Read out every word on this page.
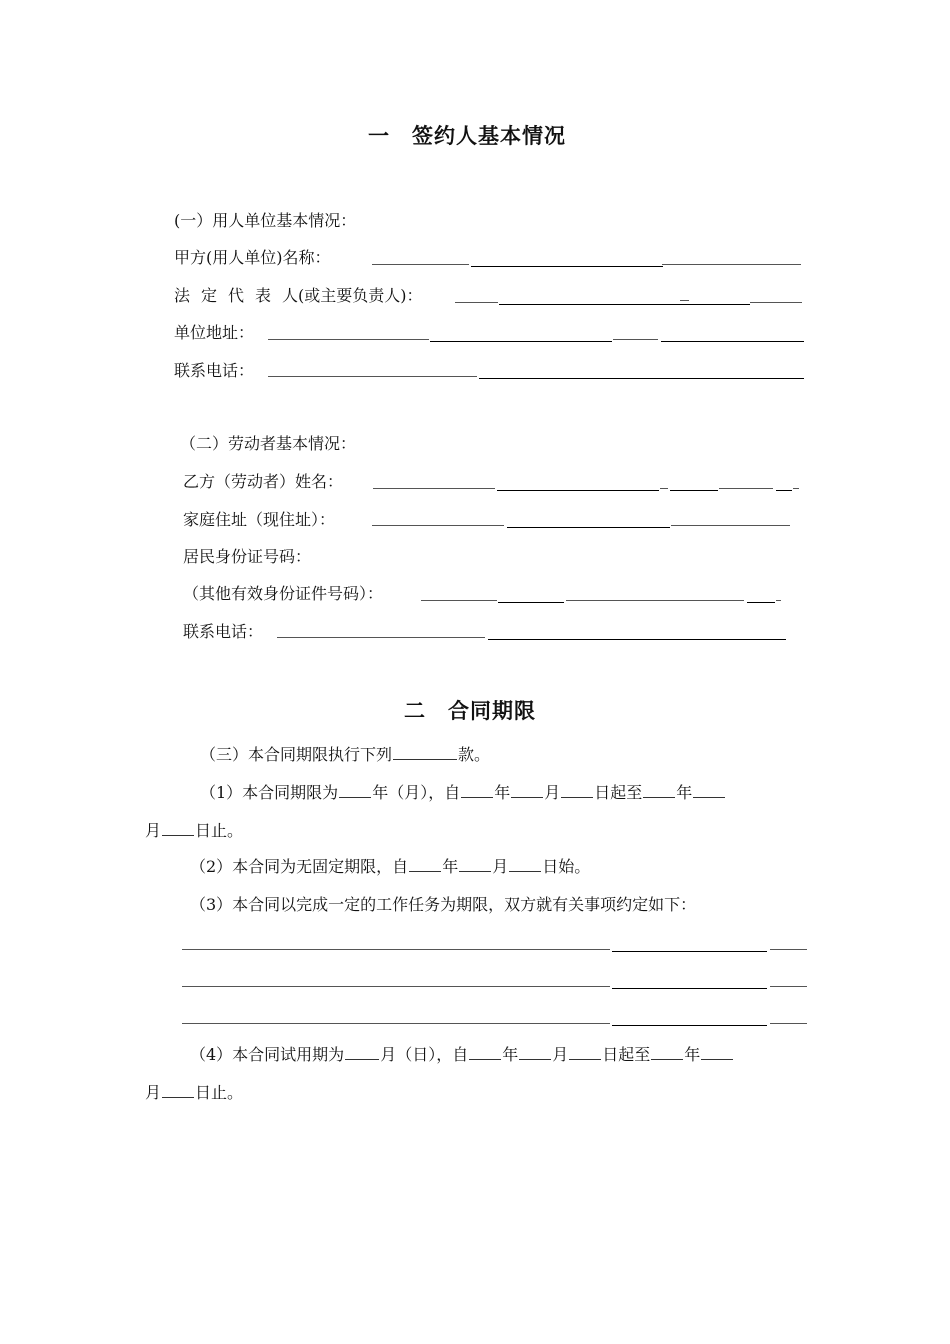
一　签约人基本情况
(一）用人单位基本情况：
甲方(用人单位)名称：
法定代表人(或主要负责人)：
单位地址：
联系电话：
（二）劳动者基本情况：
乙方（劳动者）姓名：
家庭住址（现住址）：
居民身份证号码：
（其他有效身份证件号码）：
联系电话：
二　合同期限
（三）本合同期限执行下列	款。
（1）本合同期限为 年（月），自 年 月 日起至 年
月 日止。
（2）本合同为无固定期限，自 年 月 日始。
（3）本合同以完成一定的工作任务为期限，双方就有关事项约定如下：
（4）本合同试用期为 月（日），自 年 月 日起至 年
月 日止。
